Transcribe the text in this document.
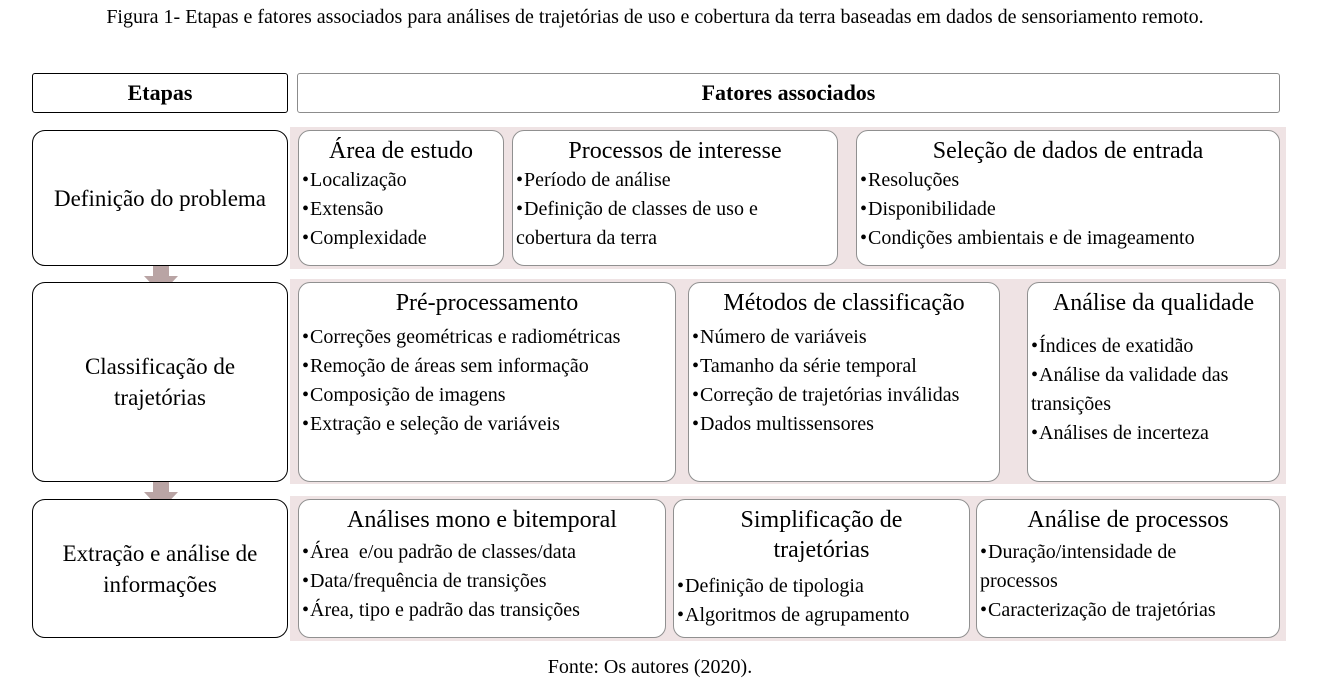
Figura 1- Etapas e fatores associados para análises de trajetórias de uso e cobertura da terra baseadas em dados de sensoriamento remoto.
Etapas	Fatores associados
Definição do problema
Classificação de trajetórias
Extração e análise de informações
Área de estudo
•Localização
•Extensão
•Complexidade
Processos de interesse
•Período de análise
•Definição de classes de uso e cobertura da terra
Seleção de dados de entrada
•Resoluções
•Disponibilidade
•Condições ambientais e de imageamento
Pré-processamento
•Correções geométricas e radiométricas
•Remoção de áreas sem informação
•Composição de imagens
•Extração e seleção de variáveis
Métodos de classificação
•Número de variáveis
•Tamanho da série temporal
•Correção de trajetórias inválidas
•Dados multissensores
Análise da qualidade
•Índices de exatidão
•Análise da validade das transições
•Análises de incerteza
Análises mono e bitemporal
•Área  e/ou padrão de classes/data
•Data/frequência de transições
•Área, tipo e padrão das transições
Simplificação de trajetórias
•Definição de tipologia
•Algoritmos de agrupamento
Análise de processos
•Duração/intensidade de processos
•Caracterização de trajetórias
Fonte: Os autores (2020).
